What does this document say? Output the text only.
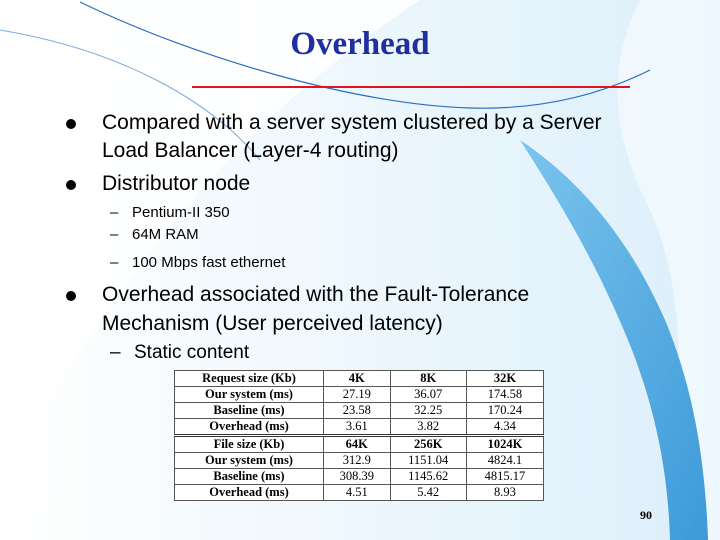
Overhead
Compared with a server system clustered by a Server
Load Balancer (Layer-4 routing)
Distributor node
– Pentium-II 350
– 64M RAM
– 100 Mbps fast ethernet
Overhead associated with the Fault-Tolerance
Mechanism (User perceived latency)
– Static content
Request size (Kb)	4K	8K	32K
Our system (ms)	27.19	36.07	174.58
Baseline (ms)	23.58	32.25	170.24
Overhead (ms)	3.61	3.82	4.34
File size (Kb)	64K	256K	1024K
Our system (ms)	312.9	1151.04	4824.1
Baseline (ms)	308.39	1145.62	4815.17
Overhead (ms)	4.51	5.42	8.93
90
